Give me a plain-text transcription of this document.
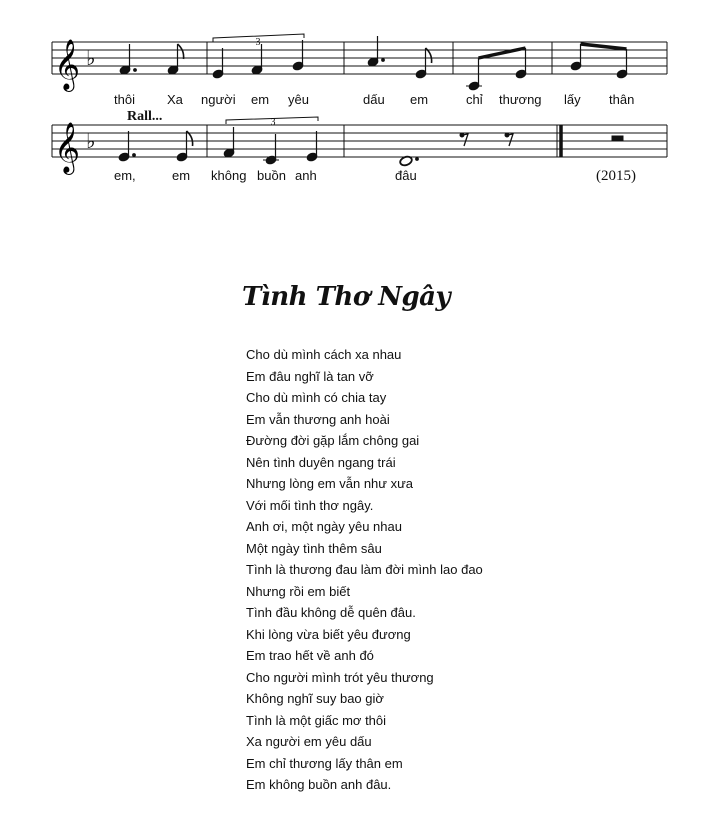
𝄞 ♭
thôi Xa người em yêu	dấu em	chỉ thương lấy thân
Rall...
𝄞 ♭
em,	em không buồn anh	đâu	(2015)
3
3
Tình Thơ Ngây
Cho dù mình cách xa nhau
Em đâu nghĩ là tan vỡ
Cho dù mình có chia tay
Em vẫn thương anh hoài
Đường đời gặp lắm chông gai
Nên tình duyên ngang trái
Nhưng lòng em vẫn như xưa
Với mối tình thơ ngây.
Anh ơi, một ngày yêu nhau
Một ngày tình thêm sâu
Tình là thương đau làm đời mình lao đao
Nhưng rồi em biết
Tình đầu không dễ quên đâu.
Khi lòng vừa biết yêu đương
Em trao hết về anh đó
Cho người mình trót yêu thương
Không nghĩ suy bao giờ
Tình là một giấc mơ thôi
Xa người em yêu dấu
Em chỉ thương lấy thân em
Em không buồn anh đâu.
